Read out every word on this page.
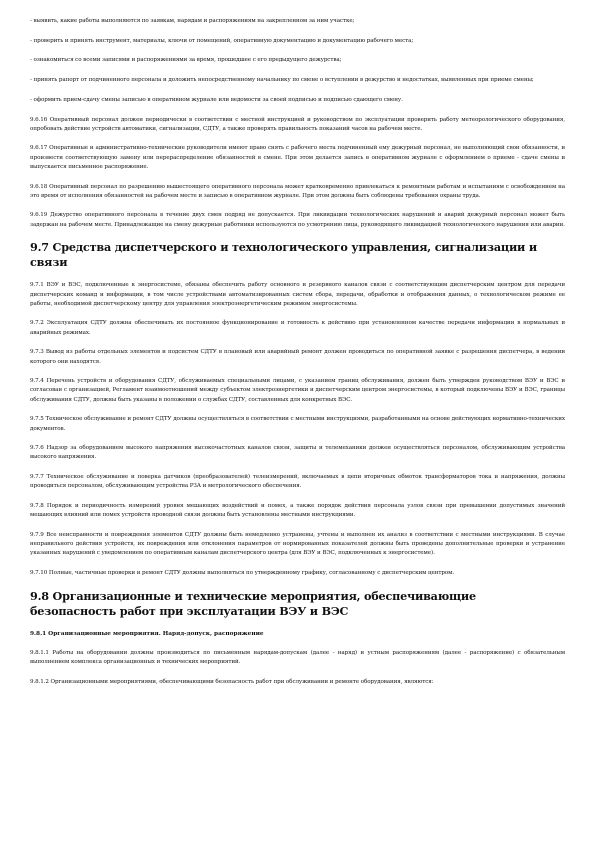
- выявить, какие работы выполняются по заявкам, нарядам и распоряжениям на закрепленном за ним участке;

- проверить и принять инструмент, материалы, ключи от помещений, оперативную документацию и документацию рабочего места;

- ознакомиться со всеми записями и распоряжениями за время, прошедшее с его предыдущего дежурства;

- принять рапорт от подчиненного персонала и доложить непосредственному начальнику по смене о вступлении в дежурство и недостатках, выявленных при приеме смены;

- оформить прием-сдачу смены записью в оперативном журнале или ведомости за своей подписью и подписью сдающего смену.

9.6.16 Оперативный персонал должен периодически в соответствии с местной инструкцией и руководством по эксплуатации проверить работу метеорологического оборудования, опробовать действие устройств автоматики, сигнализации, СДТУ, а также проверять правильность показаний часов на рабочем месте.

9.6.17 Оперативные и административно-технические руководители имеют право снять с рабочего места подчиненный ему дежурный персонал, не выполняющий свои обязанности, и произвести соответствующую замену или перераспределение обязанностей в смене. При этом делается запись в оперативном журнале с оформлением о приеме - сдаче смены и выпускается письменное распоряжение.

9.6.18 Оперативный персонал по разрешению вышестоящего оперативного персонала может кратковременно привлекаться к ремонтным работам и испытаниям с освобождением на это время от исполнения обязанностей на рабочем месте и записью в оперативном журнале. При этом должны быть соблюдены требования охраны труда.

9.6.19 Дежурство оперативного персонала в течение двух смен подряд не допускается. При ликвидации технологических нарушений и аварий дежурный персонал может быть задержан на рабочем месте. Принадлежащие на смену дежурные работники используются по усмотрению лица, руководящего ликвидацией технологического нарушения или аварии.

9.7 Средства диспетчерского и технологического управления, сигнализации и связи

9.7.1 ВЭУ и ВЭС, подключенные к энергосистеме, обязаны обеспечить работу основного и резервного каналов связи с соответствующим диспетчерским центром для передачи диспетчерских команд и информации, в том числе устройствами автоматизированных систем сбора, передачи, обработки и отображения данных, о технологическом режиме ее работы, необходимой диспетчерскому центру для управления электроэнергетическим режимом энергосистемы.

9.7.2 Эксплуатация СДТУ должна обеспечивать их постоянное функционирование и готовность к действию при установленном качестве передачи информации в нормальных и аварийных режимах.

9.7.3 Вывод из работы отдельных элементов и подсистем СДТУ в плановый или аварийный ремонт должен проводиться по оперативной заявке с разрешения диспетчера, в ведении которого они находятся.

9.7.4 Перечень устройств и оборудования СДТУ, обслуживаемых специальными лицами, с указанием границ обслуживания, должен быть утвержден руководством ВЭУ и ВЭС и согласован с организацией, Регламент взаимоотношений между субъектом электроэнергетики и диспетчерским центром энергосистемы, в который подключены ВЭУ и ВЭС, границы обслуживания СДТУ, должны быть указаны в положении о службах СДТУ, составленных для конкретных ВЭС.

9.7.5 Техническое обслуживание и ремонт СДТУ должны осуществляться в соответствии с местными инструкциями, разработанными на основе действующих нормативно-технических документов.

9.7.6 Надзор за оборудованием высокого напряжения высокочастотных каналов связи, защиты и телемеханики должен осуществляться персоналом, обслуживающим устройства высокого напряжения.

9.7.7 Техническое обслуживание и поверка датчиков (преобразователей) телеизмерений, включаемых в цепи вторичных обмоток трансформаторов тока и напряжения, должны проводиться персоналом, обслуживающим устройства РЗА и метрологического обеспечения.

9.7.8 Порядок и периодичность измерений уровня мешающих воздействий и помех, а также порядок действия персонала узлов связи при превышении допустимых значений мешающих влияний или помех устройств проводной связи должны быть установлены местными инструкциями.

9.7.9 Все неисправности и повреждения элементов СДТУ должны быть немедленно устранены, учтены и выполнен их анализ в соответствии с местными инструкциями. В случае неправильного действия устройств, их повреждения или отклонения параметров от нормированных показателей должны быть проведены дополнительные проверки и устранение указанных нарушений с уведомлением по оперативным каналам диспетчерского центра (для ВЭУ и ВЭС, подключенных к энергосистеме).

9.7.10 Полные, частичные проверки и ремонт СДТУ должны выполняться по утвержденному графику, согласованному с диспетчерским центром.

9.8 Организационные и технические мероприятия, обеспечивающие безопасность работ при эксплуатации ВЭУ и ВЭС
9.8.1 Организационные мероприятия. Наряд-допуск, распоряжение

9.8.1.1 Работы на оборудовании должны производиться по письменным нарядам-допускам (далее - наряд) и устным распоряжениям (далее - распоряжение) с обязательным выполнением комплекса организационных и технических мероприятий.

9.8.1.2 Организационными мероприятиями, обеспечивающими безопасность работ при обслуживании и ремонте оборудования, являются:
